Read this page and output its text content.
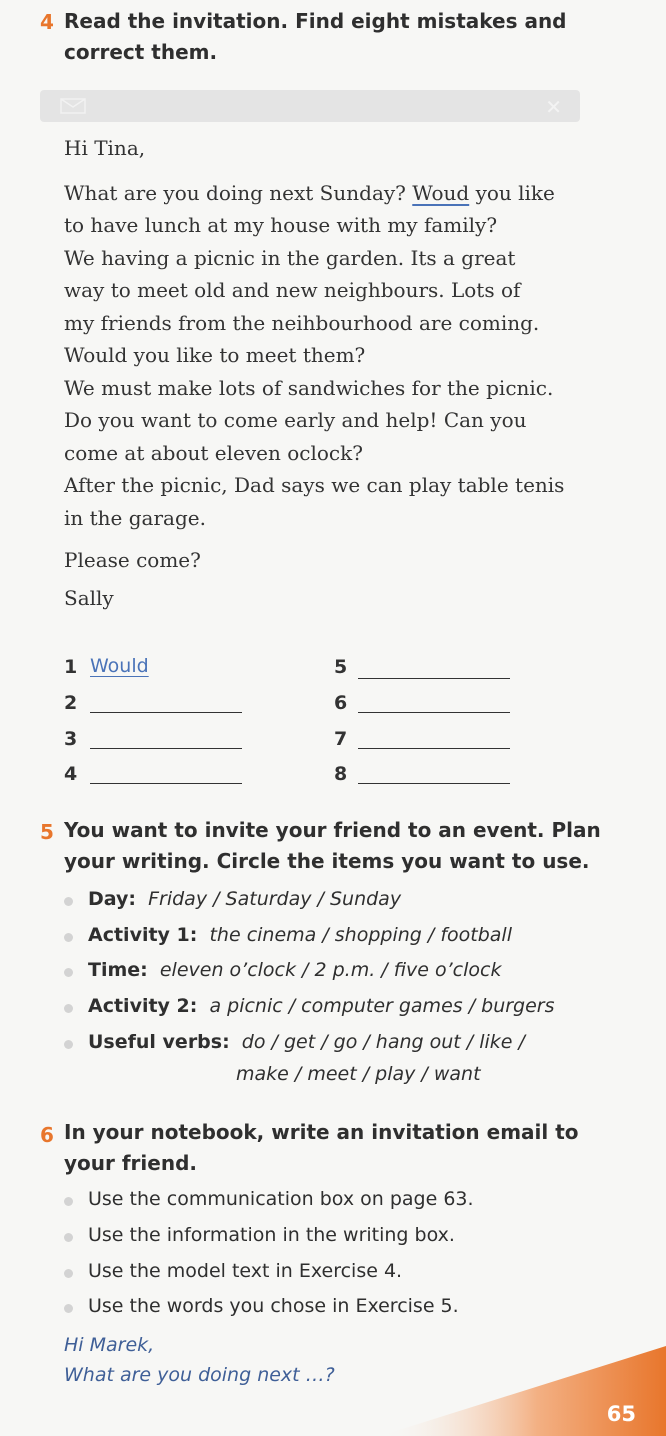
4 Read the invitation. Find eight mistakes and
correct them.
✕

Hi Tina,

What are you doing next Sunday? Woud you like

to have lunch at my house with my family?

We having a picnic in the garden. Its a great

way to meet old and new neighbours. Lots of

my friends from the neihbourhood are coming.

Would you like to meet them?

We must make lots of sandwiches for the picnic.

Do you want to come early and help! Can you

come at about eleven oclock?

After the picnic, Dad says we can play table tenis

in the garage.

Please come?

Sally

1 Would
2
3
4
5
6
7
8
5 You want to invite your friend to an event. Plan
your writing. Circle the items you want to use.
Day: Friday / Saturday / Sunday
Activity 1: the cinema / shopping / football
Time: eleven o’clock / 2 p.m. / five o’clock
Activity 2: a picnic / computer games / burgers
Useful verbs: do / get / go / hang out / like /
make / meet / play / want
6 In your notebook, write an invitation email to
your friend.
Use the communication box on page 63.
Use the information in the writing box.
Use the model text in Exercise 4.
Use the words you chose in Exercise 5.
Hi Marek,
What are you doing next …?
65
